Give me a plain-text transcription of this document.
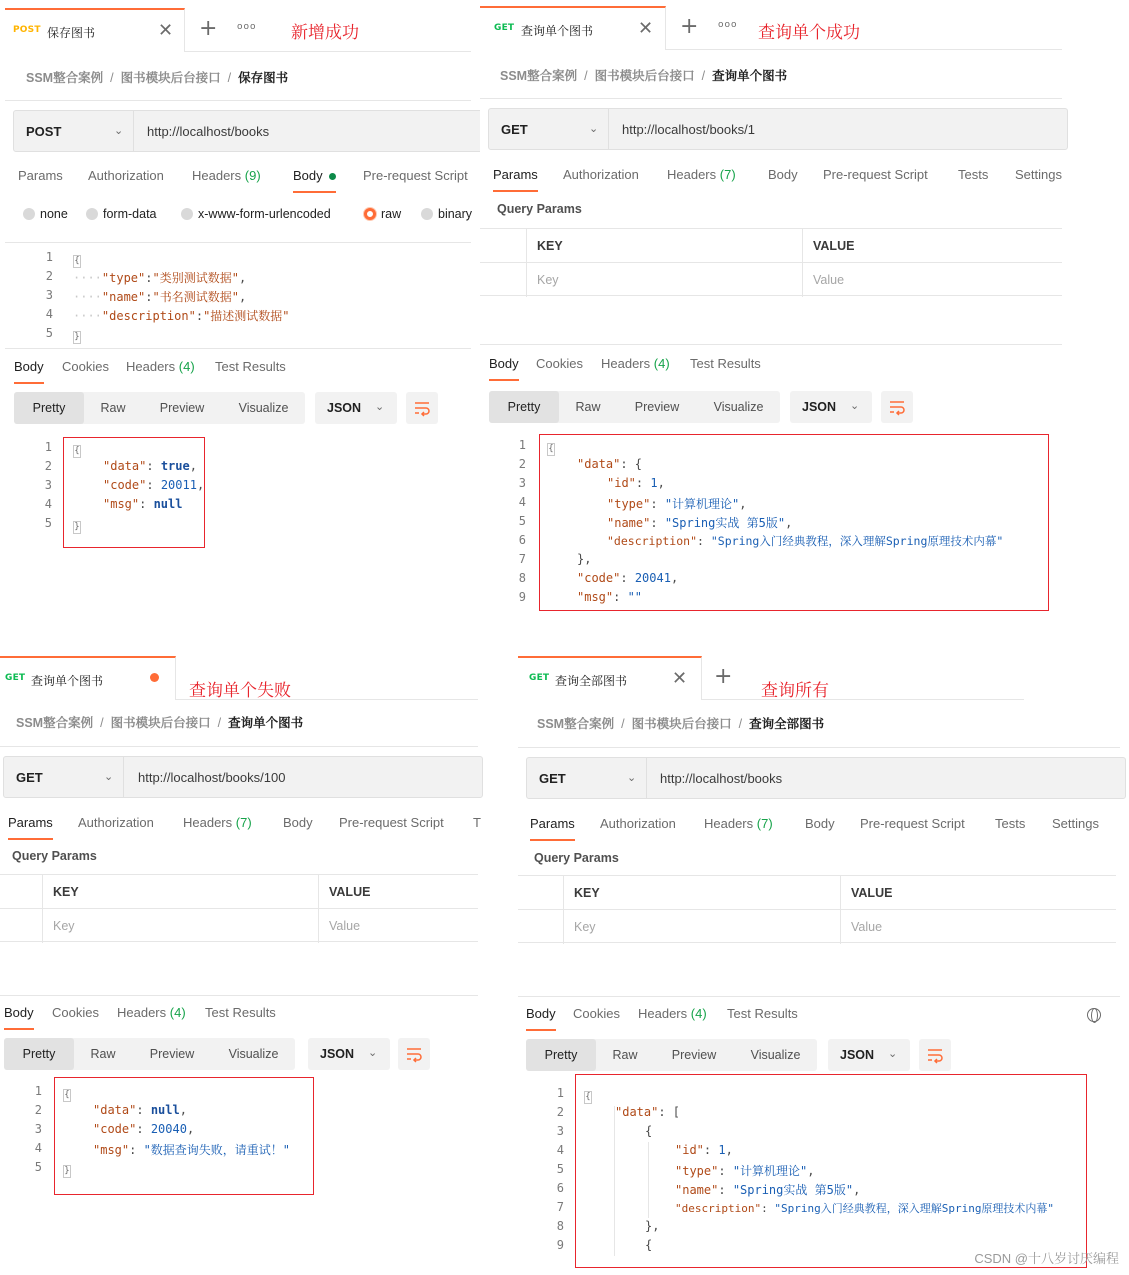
POST 保存图书	✕ + ooo 新增成功
SSM整合案例 / 图书模块后台接口 / 保存图书
POST	⌄ http://localhost/books
Params Authorization Headers (9) Body	Pre-request Script
none	form-data	x-www-form-urlencoded	raw	binary
1
2
3
4
5
{
····"type":"类别测试数据",
····"name":"书名测试数据",
····"description":"描述测试数据"
}
Body Cookies Headers (4) Test Results
Pretty	Raw	Preview	Visualize	JSON ⌄
1
2
3
4
5
{
"data": true,
"code": 20011,
"msg": null
}
GET 查询单个图书 ✕ + ooo 查询单个成功
SSM整合案例 / 图书模块后台接口 / 查询单个图书
GET	⌄ http://localhost/books/1
Params Authorization Headers (7) Body Pre-request Script Tests Settings
Query Params
KEY	VALUE
Key	Value
Body Cookies Headers (4) Test Results
Pretty	Raw	Preview	Visualize	JSON ⌄
1
2
3
4
5
6
7
8
9
{
"data": {
"id": 1,
"type": "计算机理论",
"name": "Spring实战 第5版",
"description": "Spring入门经典教程，深入理解Spring原理技术内幕"
},
"code": 20041,
"msg": ""
GET 查询单个图书	查询单个失败
SSM整合案例 / 图书模块后台接口 / 查询单个图书
GET	⌄ http://localhost/books/100
Params Authorization Headers (7) Body Pre-request Script T
Query Params
KEY	VALUE
Key	Value
Body Cookies Headers (4) Test Results
Pretty	Raw	Preview	Visualize	JSON ⌄
1
2
3
4
5
{
"data": null,
"code": 20040,
"msg": "数据查询失败，请重试！"
}
GET 查询全部图书 ✕ +
查询所有
SSM整合案例 / 图书模块后台接口 / 查询全部图书
GET	⌄ http://localhost/books
Params Authorization Headers (7) Body Pre-request Script Tests Settings
Query Params
KEY	VALUE
Key	Value
Body Cookies Headers (4) Test Results
Pretty	Raw	Preview	Visualize	JSON ⌄
1
2
3
4
5
6
7
8
9
{
"data": [
{
"id": 1,
"type": "计算机理论",
"name": "Spring实战 第5版",
"description": "Spring入门经典教程，深入理解Spring原理技术内幕"
},
{
CSDN @十八岁讨厌编程
